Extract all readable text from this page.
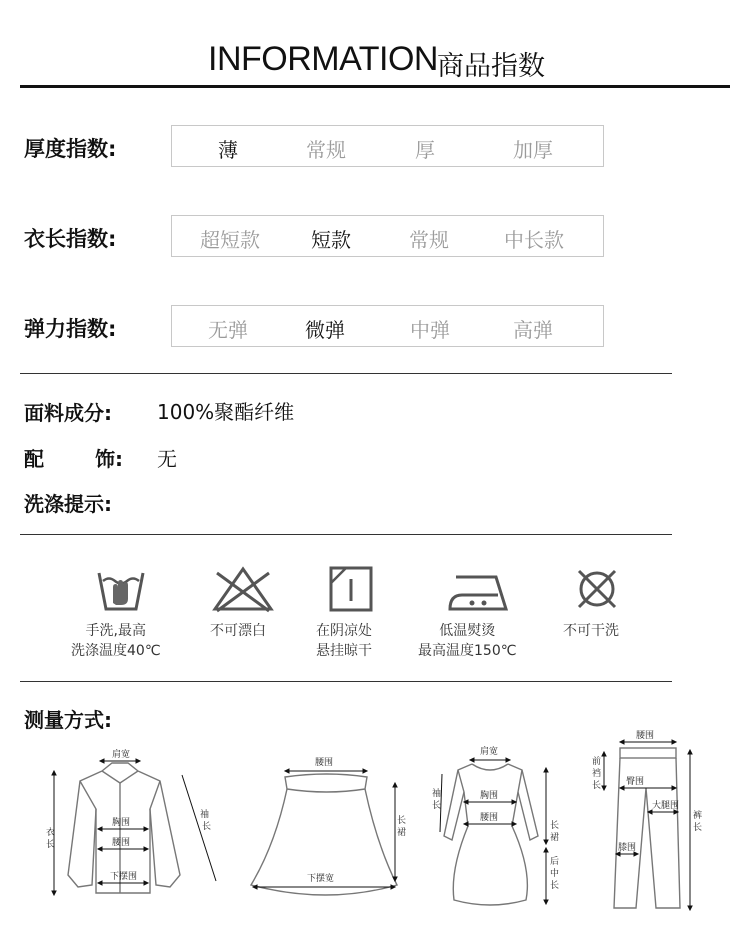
INFORMATION 商品指数
厚度指数:	薄	常规	厚	加厚
衣长指数:	超短款	短款	常规	中长款
弹力指数:	无弹	微弹	中弹	高弹
面料成分: 100%聚酯纤维
配	饰: 无
洗涤提示:
手洗,最高
洗涤温度40℃
不可漂白	在阴凉处
悬挂晾干
低温熨烫
最高温度150℃
不可干洗
测量方式:
肩宽
衣
长
袖
长
胸围
腰围
下摆围
腰围
下摆宽
长
裙
肩宽
袖
长
胸围
腰围
长
裙
后
中
长
腰围
前
裆
长	臀围
大腿围
膝围
裤
长
